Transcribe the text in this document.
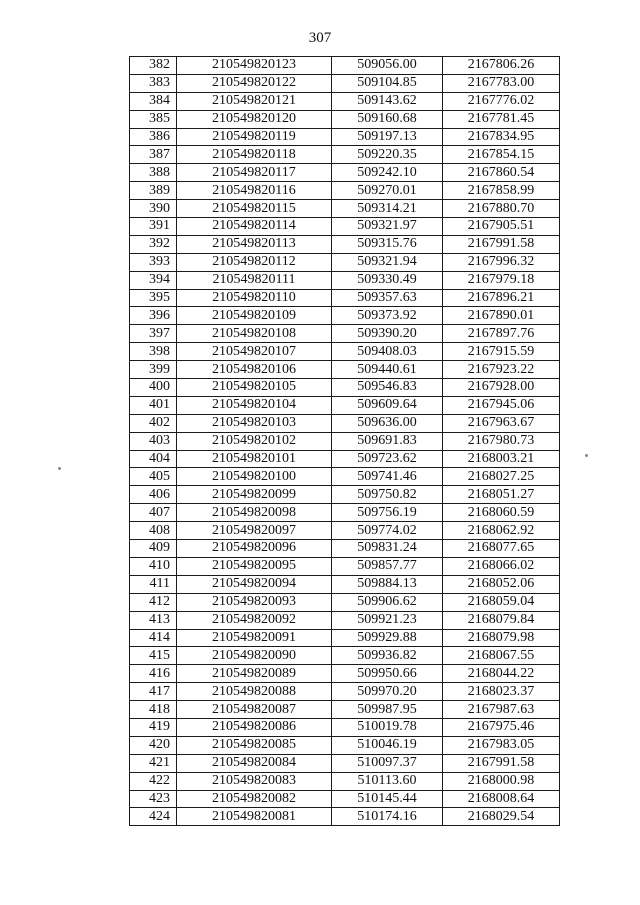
307
382	210549820123	509056.00	2167806.26
383	210549820122	509104.85	2167783.00
384	210549820121	509143.62	2167776.02
385	210549820120	509160.68	2167781.45
386	210549820119	509197.13	2167834.95
387	210549820118	509220.35	2167854.15
388	210549820117	509242.10	2167860.54
389	210549820116	509270.01	2167858.99
390	210549820115	509314.21	2167880.70
391	210549820114	509321.97	2167905.51
392	210549820113	509315.76	2167991.58
393	210549820112	509321.94	2167996.32
394	210549820111	509330.49	2167979.18
395	210549820110	509357.63	2167896.21
396	210549820109	509373.92	2167890.01
397	210549820108	509390.20	2167897.76
398	210549820107	509408.03	2167915.59
399	210549820106	509440.61	2167923.22
400	210549820105	509546.83	2167928.00
401	210549820104	509609.64	2167945.06
402	210549820103	509636.00	2167963.67
403	210549820102	509691.83	2167980.73
404	210549820101	509723.62	2168003.21
405	210549820100	509741.46	2168027.25
406	210549820099	509750.82	2168051.27
407	210549820098	509756.19	2168060.59
408	210549820097	509774.02	2168062.92
409	210549820096	509831.24	2168077.65
410	210549820095	509857.77	2168066.02
411	210549820094	509884.13	2168052.06
412	210549820093	509906.62	2168059.04
413	210549820092	509921.23	2168079.84
414	210549820091	509929.88	2168079.98
415	210549820090	509936.82	2168067.55
416	210549820089	509950.66	2168044.22
417	210549820088	509970.20	2168023.37
418	210549820087	509987.95	2167987.63
419	210549820086	510019.78	2167975.46
420	210549820085	510046.19	2167983.05
421	210549820084	510097.37	2167991.58
422	210549820083	510113.60	2168000.98
423	210549820082	510145.44	2168008.64
424	210549820081	510174.16	2168029.54
